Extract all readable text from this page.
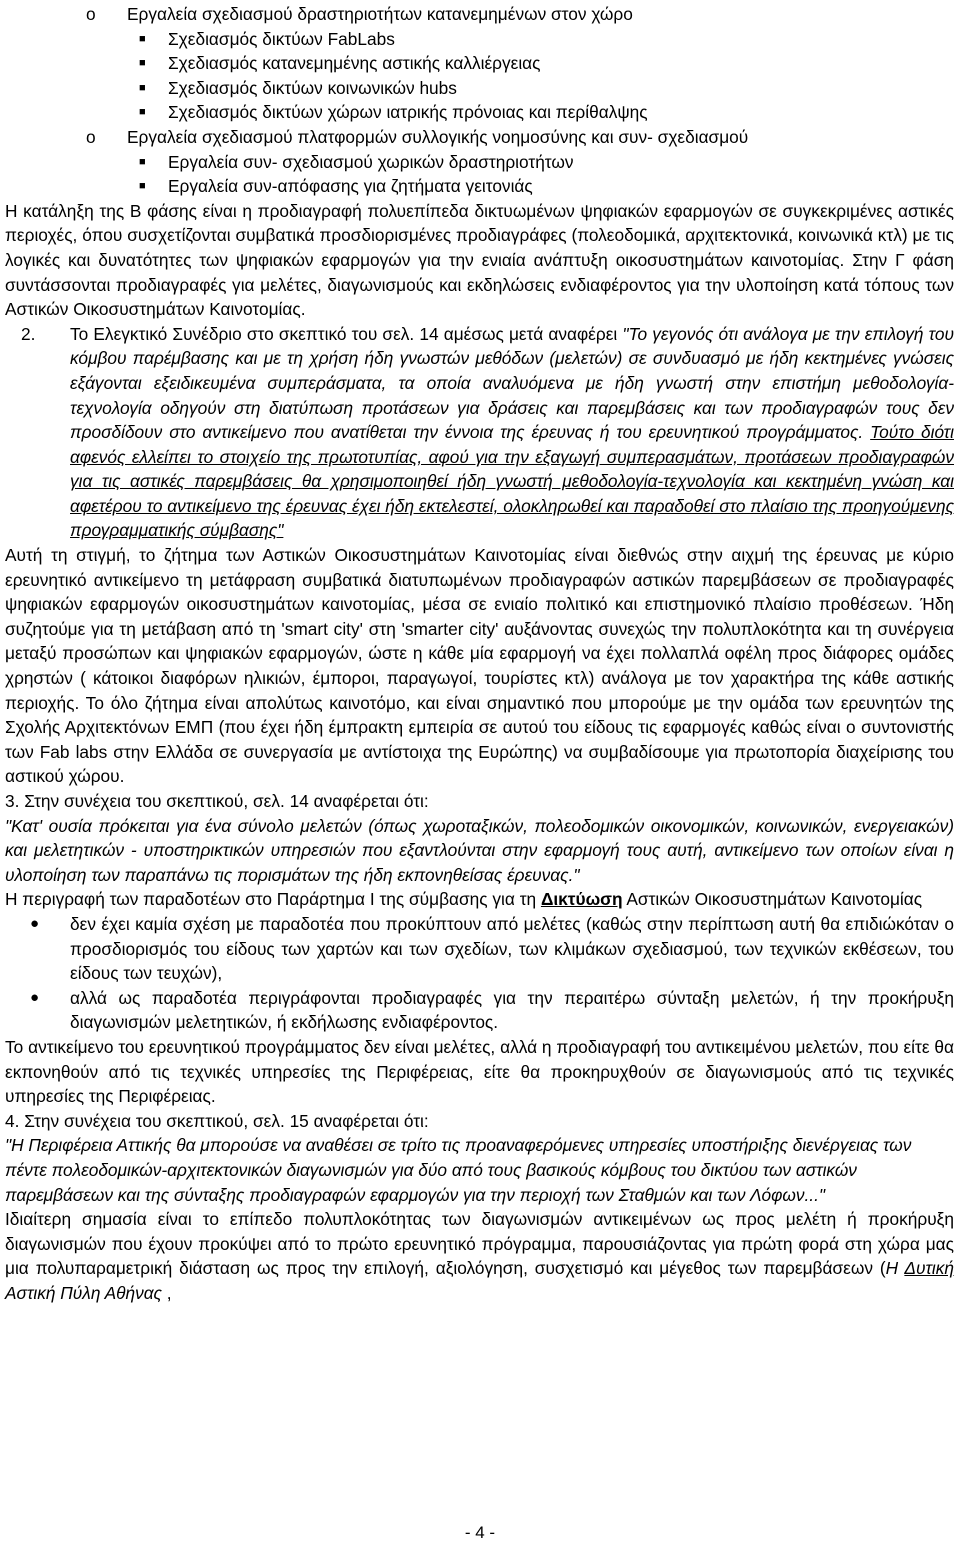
o Εργαλεία σχεδιασμού δραστηριοτήτων κατανεμημένων στον χώρο

■ Σχεδιασμός δικτύων FabLabs

■ Σχεδιασμός κατανεμημένης αστικής καλλιέργειας

■ Σχεδιασμός δικτύων κοινωνικών hubs

■ Σχεδιασμός δικτύων χώρων ιατρικής πρόνοιας και περίθαλψης

o Εργαλεία σχεδιασμού πλατφορμών συλλογικής νοημοσύνης και συν- σχεδιασμού

■ Εργαλεία συν- σχεδιασμού χωρικών δραστηριοτήτων

■ Εργαλεία συν-απόφασης για ζητήματα γειτονιάς

Η κατάληξη της Β φάσης είναι η προδιαγραφή πολυεπίπεδα δικτυωμένων ψηφιακών εφαρμογών σε συγκεκριμένες αστικές περιοχές, όπου συσχετίζονται συμβατικά προσδιορισμένες προδιαγράφες (πολεοδομικά, αρχιτεκτονικά, κοινωνικά κτλ) με τις λογικές και δυνατότητες των ψηφιακών εφαρμογών για την ενιαία ανάπτυξη οικοσυστημάτων καινοτομίας. Στην Γ φάση συντάσσονται προδιαγραφές για μελέτες, διαγωνισμούς και εκδηλώσεις ενδιαφέροντος για την υλοποίηση κατά τόπους των Αστικών Οικοσυστημάτων Καινοτομίας.

2. Το Ελεγκτικό Συνέδριο στο σκεπτικό του σελ. 14 αμέσως μετά αναφέρει "Το γεγονός ότι ανάλογα με την επιλογή του κόμβου παρέμβασης και με τη χρήση ήδη γνωστών μεθόδων (μελετών) σε συνδυασμό με ήδη κεκτημένες γνώσεις εξάγονται εξειδικευμένα συμπεράσματα, τα οποία αναλυόμενα με ήδη γνωστή στην επιστήμη μεθοδολογία-τεχνολογία οδηγούν στη διατύπωση προτάσεων για δράσεις και παρεμβάσεις και των προδιαγραφών τους δεν προσδίδουν στο αντικείμενο που ανατίθεται την έννοια της έρευνας ή του ερευνητικού προγράμματος. Τούτο διότι αφενός ελλείπει το στοιχείο της πρωτοτυπίας, αφού για την εξαγωγή συμπερασμάτων, προτάσεων προδιαγραφών για τις αστικές παρεμβάσεις θα χρησιμοποιηθεί ήδη γνωστή μεθοδολογία-τεχνολογία και κεκτημένη γνώση και αφετέρου το αντικείμενο της έρευνας έχει ήδη εκτελεστεί, ολοκληρωθεί και παραδοθεί στο πλαίσιο της προηγούμενης προγραμματικής σύμβασης"

Αυτή τη στιγμή, το ζήτημα των Αστικών Οικοσυστημάτων Καινοτομίας είναι διεθνώς στην αιχμή της έρευνας με κύριο ερευνητικό αντικείμενο τη μετάφραση συμβατικά διατυπωμένων προδιαγραφών αστικών παρεμβάσεων σε προδιαγραφές ψηφιακών εφαρμογών οικοσυστημάτων καινοτομίας, μέσα σε ενιαίο πολιτικό και επιστημονικό πλαίσιο προθέσεων. Ήδη συζητούμε για τη μετάβαση από τη 'smart city' στη 'smarter city' αυξάνοντας συνεχώς την πολυπλοκότητα και τη συνέργεια μεταξύ προσώπων και ψηφιακών εφαρμογών, ώστε η κάθε μία εφαρμογή να έχει πολλαπλά οφέλη προς διάφορες ομάδες χρηστών ( κάτοικοι διαφόρων ηλικιών, έμποροι, παραγωγοί, τουρίστες κτλ) ανάλογα με τον χαρακτήρα της κάθε αστικής περιοχής. Το όλο ζήτημα είναι απολύτως καινοτόμο, και είναι σημαντικό που μπορούμε με την ομάδα των ερευνητών της Σχολής Αρχιτεκτόνων ΕΜΠ (που έχει ήδη έμπρακτη εμπειρία σε αυτού του είδους τις εφαρμογές καθώς είναι ο συντονιστής των Fab labs στην Ελλάδα σε συνεργασία με αντίστοιχα της Ευρώπης) να συμβαδίσουμε για πρωτοπορία διαχείρισης του αστικού χώρου.

3. Στην συνέχεια του σκεπτικού, σελ. 14 αναφέρεται ότι:

"Κατ' ουσία πρόκειται για ένα σύνολο μελετών (όπως χωροταξικών, πολεοδομικών οικονομικών, κοινωνικών, ενεργειακών) και μελετητικών - υποστηρικτικών υπηρεσιών που εξαντλούνται στην εφαρμογή τους αυτή, αντικείμενο των οποίων είναι η υλοποίηση των παραπάνω τις πορισμάτων της ήδη εκπονηθείσας έρευνας."

Η περιγραφή των παραδοτέων στο Παράρτημα Ι της σύμβασης για τη Δικτύωση Αστικών Οικοσυστημάτων Καινοτομίας

● δεν έχει καμία σχέση με παραδοτέα που προκύπτουν από μελέτες (καθώς στην περίπτωση αυτή θα επιδιώκόταν ο προσδιορισμός του είδους των χαρτών και των σχεδίων, των κλιμάκων σχεδιασμού, των τεχνικών εκθέσεων, του είδους των τευχών),

● αλλά ως παραδοτέα περιγράφονται προδιαγραφές για την περαιτέρω σύνταξη μελετών, ή την προκήρυξη διαγωνισμών μελετητικών, ή εκδήλωσης ενδιαφέροντος.

Το αντικείμενο του ερευνητικού προγράμματος δεν είναι μελέτες, αλλά η προδιαγραφή του αντικειμένου μελετών, που είτε θα εκπονηθούν από τις τεχνικές υπηρεσίες της Περιφέρειας, είτε θα προκηρυχθούν σε διαγωνισμούς από τις τεχνικές υπηρεσίες της Περιφέρειας.

4. Στην συνέχεια του σκεπτικού, σελ. 15 αναφέρεται ότι:

"Η Περιφέρεια Αττικής θα μπορούσε να αναθέσει σε τρίτο τις προαναφερόμενες υπηρεσίες υποστήριξης διενέργειας των πέντε πολεοδομικών-αρχιτεκτονικών διαγωνισμών για δύο από τους βασικούς κόμβους του δικτύου των αστικών παρεμβάσεων και της σύνταξης προδιαγραφών εφαρμογών για την περιοχή των Σταθμών και των Λόφων..."

Ιδιαίτερη σημασία είναι το επίπεδο πολυπλοκότητας των διαγωνισμών αντικειμένων ως προς μελέτη ή προκήρυξη διαγωνισμών που έχουν προκύψει από το πρώτο ερευνητικό πρόγραμμα, παρουσιάζοντας για πρώτη φορά στη χώρα μας μια πολυπαραμετρική διάσταση ως προς την επιλογή, αξιολόγηση, συσχετισμό και μέγεθος των παρεμβάσεων (Η Δυτική Αστική Πύλη Αθήνας ,

- 4 -
